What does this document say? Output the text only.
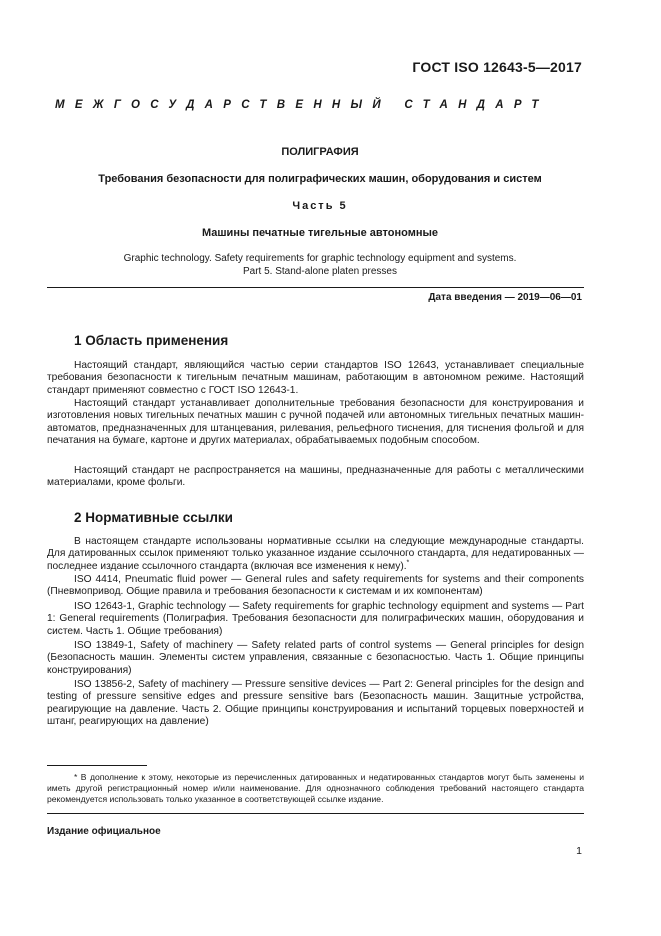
ГОСТ ISO 12643-5—2017
МЕЖГОСУДАРСТВЕННЫЙ СТАНДАРТ
ПОЛИГРАФИЯ
Требования безопасности для полиграфических машин, оборудования и систем
Часть 5
Машины печатные тигельные автономные
Graphic technology. Safety requirements for graphic technology equipment and systems.
Part 5. Stand-alone platen presses
Дата введения — 2019—06—01
1 Область применения

Настоящий стандарт, являющийся частью серии стандартов ISO 12643, устанавливает специальные требования безопасности к тигельным печатным машинам, работающим в автономном режиме. Настоящий стандарт применяют совместно с ГОСТ ISO 12643-1.

Настоящий стандарт устанавливает дополнительные требования безопасности для конструирования и изготовления новых тигельных печатных машин с ручной подачей или автономных тигельных печатных машин-автоматов, предназначенных для штанцевания, рилевания, рельефного тиснения, для тиснения фольгой и для печатания на бумаге, картоне и других материалах, обрабатываемых подобным способом.

Настоящий стандарт не распространяется на машины, предназначенные для работы с металлическими материалами, кроме фольги.

2 Нормативные ссылки

В настоящем стандарте использованы нормативные ссылки на следующие международные стандарты. Для датированных ссылок применяют только указанное издание ссылочного стандарта, для недатированных — последнее издание ссылочного стандарта (включая все изменения к нему).*

ISO 4414, Pneumatic fluid power — General rules and safety requirements for systems and their components (Пневмопривод. Общие правила и требования безопасности к системам и их компонентам)

ISO 12643-1, Graphic technology — Safety requirements for graphic technology equipment and systems — Part 1: General requirements (Полиграфия. Требования безопасности для полиграфических машин, оборудования и систем. Часть 1. Общие требования)

ISO 13849-1, Safety of machinery — Safety related parts of control systems — General principles for design (Безопасность машин. Элементы систем управления, связанные с безопасностью. Часть 1. Общие принципы конструирования)

ISO 13856-2, Safety of machinery — Pressure sensitive devices — Part 2: General principles for the design and testing of pressure sensitive edges and pressure sensitive bars (Безопасность машин. Защитные устройства, реагирующие на давление. Часть 2. Общие принципы конструирования и испытаний торцевых поверхностей и штанг, реагирующих на давление)

* В дополнение к этому, некоторые из перечисленных датированных и недатированных стандартов могут быть заменены и иметь другой регистрационный номер и/или наименование. Для однозначного соблюдения требований настоящего стандарта рекомендуется использовать только указанное в соответствующей ссылке издание.

Издание официальное
1
